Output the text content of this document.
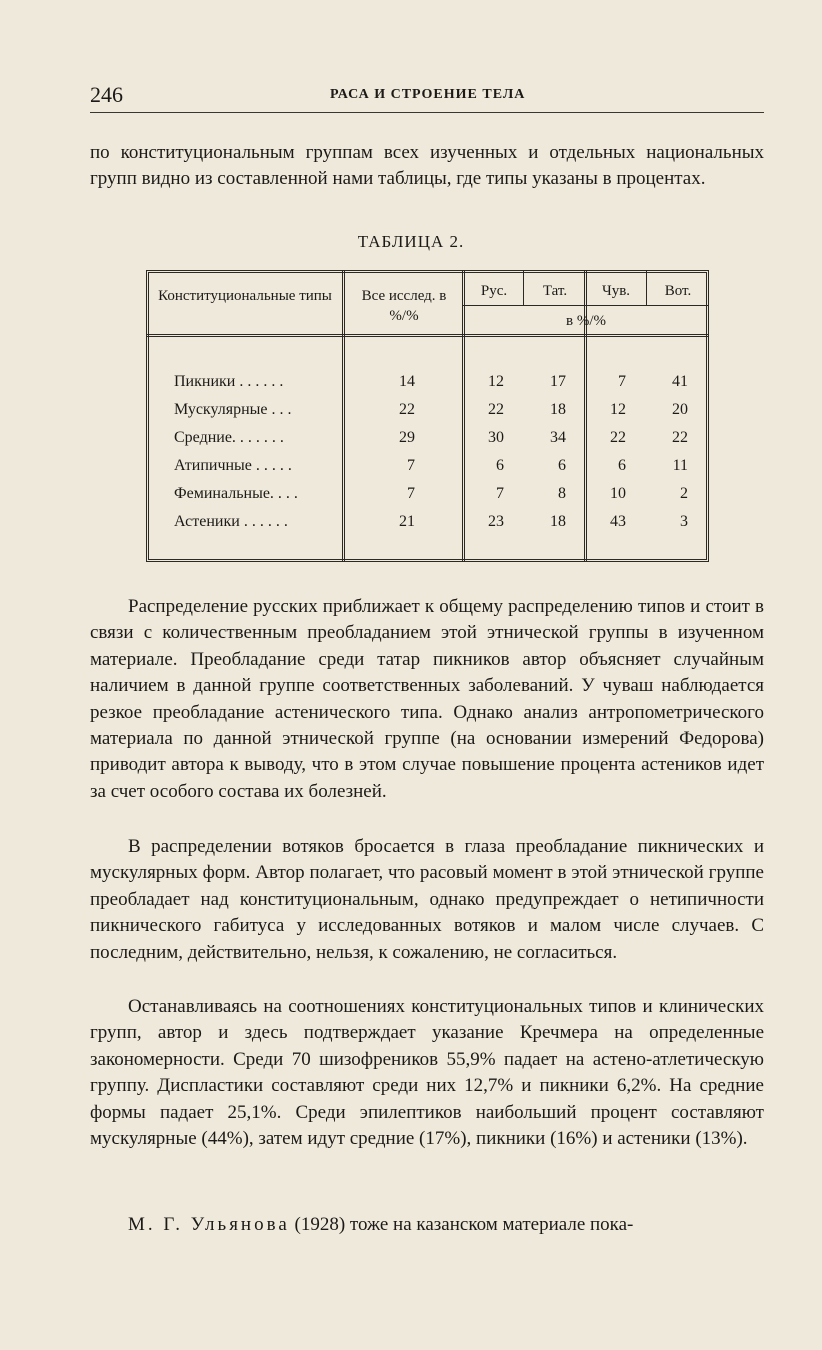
246	РАСА И СТРОЕНИЕ ТЕЛА

по конституциональным группам всех изученных и отдельных национальных групп видно из составленной нами таблицы, где типы указаны в процентах.

ТАБЛИЦА 2.
Конституциональные типы	Все исслед. в %/%
Рус.	Тат.	Чув.	Вот.
в %/%
Пикники . . . . . .	14	12	17	7	41
Мускулярные . . .	22	22	18	12	20
Средние. . . . . . .	29	30	34	22	22
Атипичные . . . . .	7	6	6	6	11
Феминальные. . . .	7	7	8	10	2
Астеники . . . . . .	21	23	18	43	3

Распределение русских приближает к общему распределению типов и стоит в связи с количественным преобладанием этой этнической группы в изученном материале. Преобладание среди татар пикников автор объясняет случайным наличием в данной группе соответственных заболеваний. У чуваш наблюдается резкое преобладание астенического типа. Однако анализ антропометрического материала по данной этнической группе (на основании измерений Федорова) приводит автора к выводу, что в этом случае повышение процента астеников идет за счет особого состава их болезней.

В распределении вотяков бросается в глаза преобладание пикнических и мускулярных форм. Автор полагает, что расовый момент в этой этнической группе преобладает над конституциональным, однако предупреждает о нетипичности пикнического габитуса у исследованных вотяков и малом числе случаев. С последним, действительно, нельзя, к сожалению, не согласиться.

Останавливаясь на соотношениях конституциональных типов и клинических групп, автор и здесь подтверждает указание Кречмера на определенные закономерности. Среди 70 шизофреников 55,9% падает на астено-атлетическую группу. Диспластики составляют среди них 12,7% и пикники 6,2%. На средние формы падает 25,1%. Среди эпилептиков наибольший процент составляют мускулярные (44%), затем идут средние (17%), пикники (16%) и астеники (13%).

М. Г. Ульянова (1928) тоже на казанском материале пока-
